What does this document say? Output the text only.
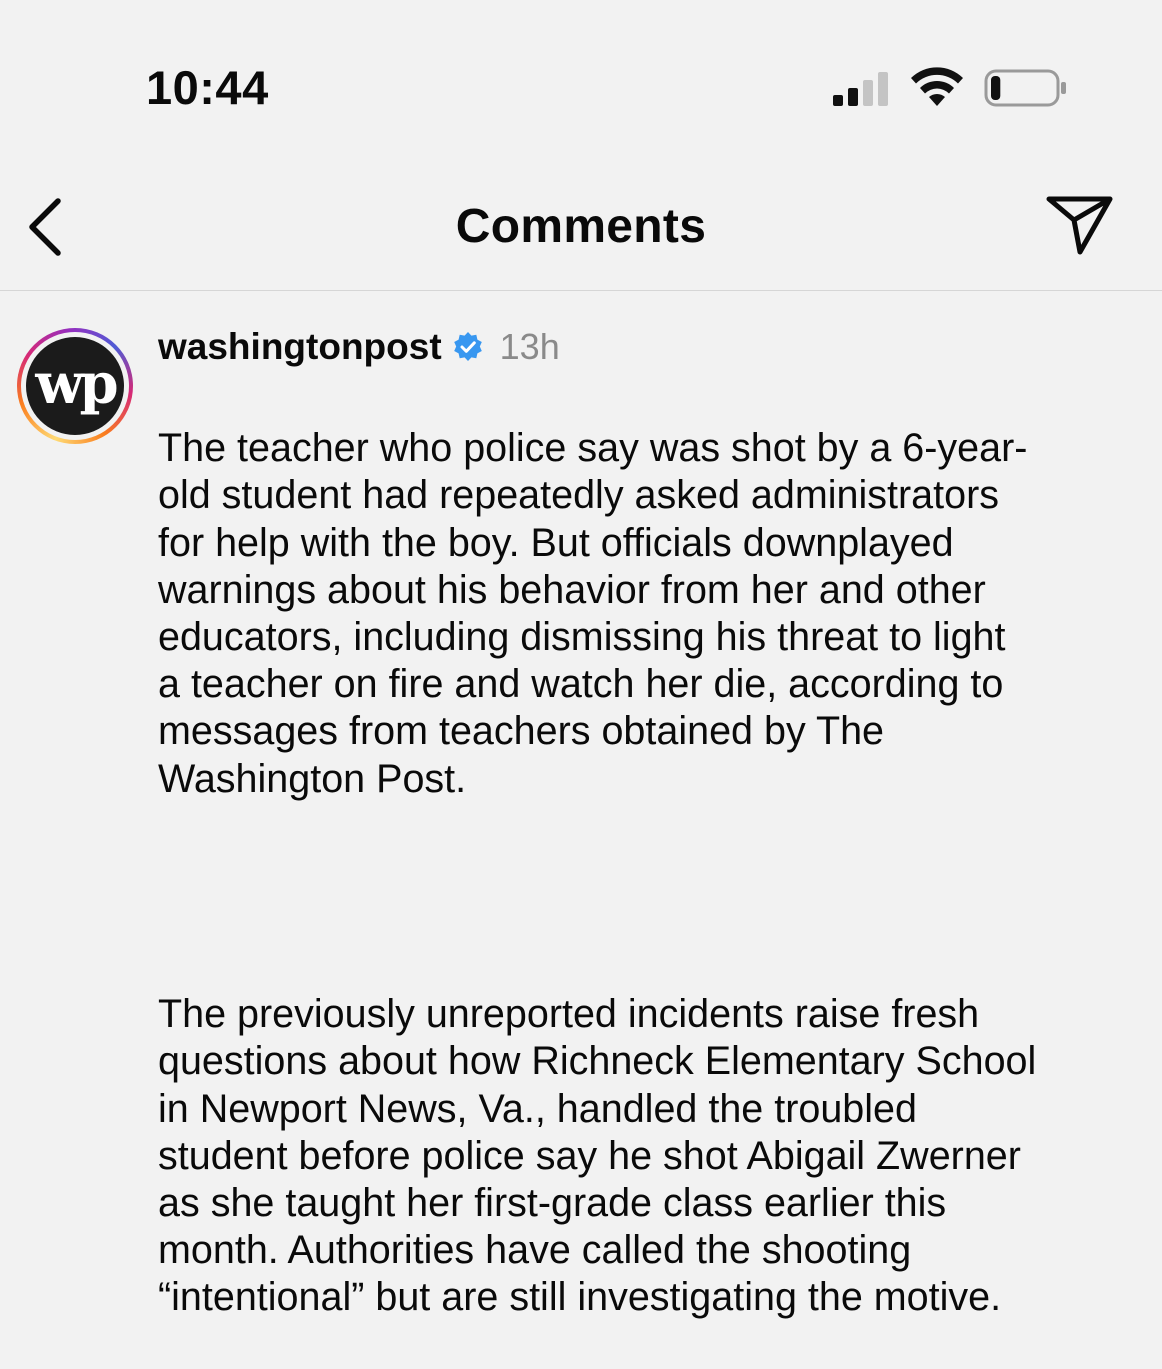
10:44
Comments
wp
washingtonpost 13h

The teacher who police say was shot by a 6-year-
old student had repeatedly asked administrators
for help with the boy. But officials downplayed
warnings about his behavior from her and other
educators, including dismissing his threat to light
a teacher on fire and watch her die, according to
messages from teachers obtained by The
Washington Post.

The previously unreported incidents raise fresh
questions about how Richneck Elementary School
in Newport News, Va., handled the troubled
student before police say he shot Abigail Zwerner
as she taught her first-grade class earlier this
month. Authorities have called the shooting
“intentional” but are still investigating the motive.
